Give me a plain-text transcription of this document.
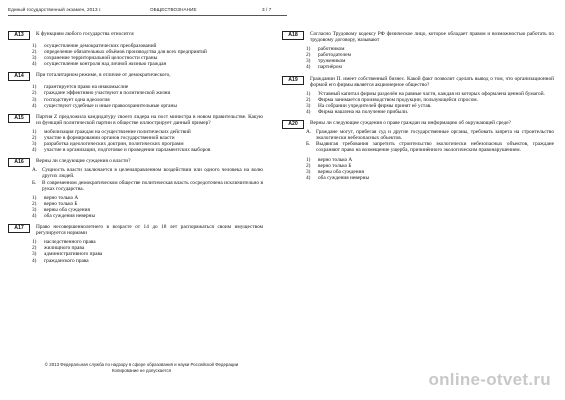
Единый государственный экзамен, 2013 г.	ОБЩЕСТВОЗНАНИЕ	3 / 7
A13	К функциям любого государства относится
1)	осуществление демократических преобразований
2)	определение обязательных объёмов производства для всех предприятий
3)	сохранение территориальной целостности страны
4)	осуществление контроля над личной жизнью граждан
A14	При тоталитарном режиме, в отличие от демократического,
1)	гарантируется право на инакомыслие
2)	граждане эффективно участвуют в политической жизни
3)	господствует одна идеология
4)	существуют судебные и иные правоохранительные органы
A15	Партия Z предложила кандидатуру своего лидера на пост министра в новом правительстве. Какую из функций политической партии в обществе иллюстрирует данный пример?
1)	мобилизация граждан на осуществление политических действий
2)	участие в формировании органов государственной власти
3)	разработка идеологических доктрин, политических программ
4)	участие в организации, подготовке и проведении парламентских выборов
A16	Верны ли следующие суждения о власти?
А. Сущность власти заключается в целенаправленном воздействии или одного человека на волю других людей.
Б.	В современном демократическом обществе политическая власть сосредоточена исключительно в руках государства.
1)	верно только А
2)	верно только Б
3)	верны оба суждения
4)	оба суждения неверны
A17	Право несовершеннолетнего в возрасте от 14 до 18 лет распоряжаться своим имуществом регулируется нормами
1)	наследственного права
2)	жилищного права
3)	административного права
4)	гражданского права
A18	Согласно Трудовому кодексу РФ физическое лицо, которое обладает правом и возможностью работать по трудовому договору, называют
1)	работником
2)	работодателем
3)	тружеником
4)	партнёром
A19	Гражданин П. имеет собственный бизнес. Какой факт позволит сделать вывод о том, что организационной формой его фирмы является акционерное общество?
1)	Уставный капитал фирмы разделён на равные части, каждая из которых оформлена ценной бумагой.
2)	Фирма занимается производством продукции, пользующейся спросом.
3)	На собрании учредителей фирмы принят её устав.
4)	Фирма нашлена на получение прибыли.
A20	Верны ли следующие суждения о праве граждан на информацию об окружающей среде?
А. Граждане могут, прибегая суд и другие государственные органы, требовать запрета на строительство экологически небезопасных объектов.
Б.	Выдвигая требования запретить строительство экологически небезопасных объектов, граждане сохраняют право на возмещение ущерба, причинённого экологическим правонарушением.
1)	верно только А
2)	верно только Б
3)	верны оба суждения
4)	оба суждения неверны
© 2013 Федеральная служба по надзору в сфере образования и науки Российской Федерации
Копирование не допускается	online-otvet.ru
